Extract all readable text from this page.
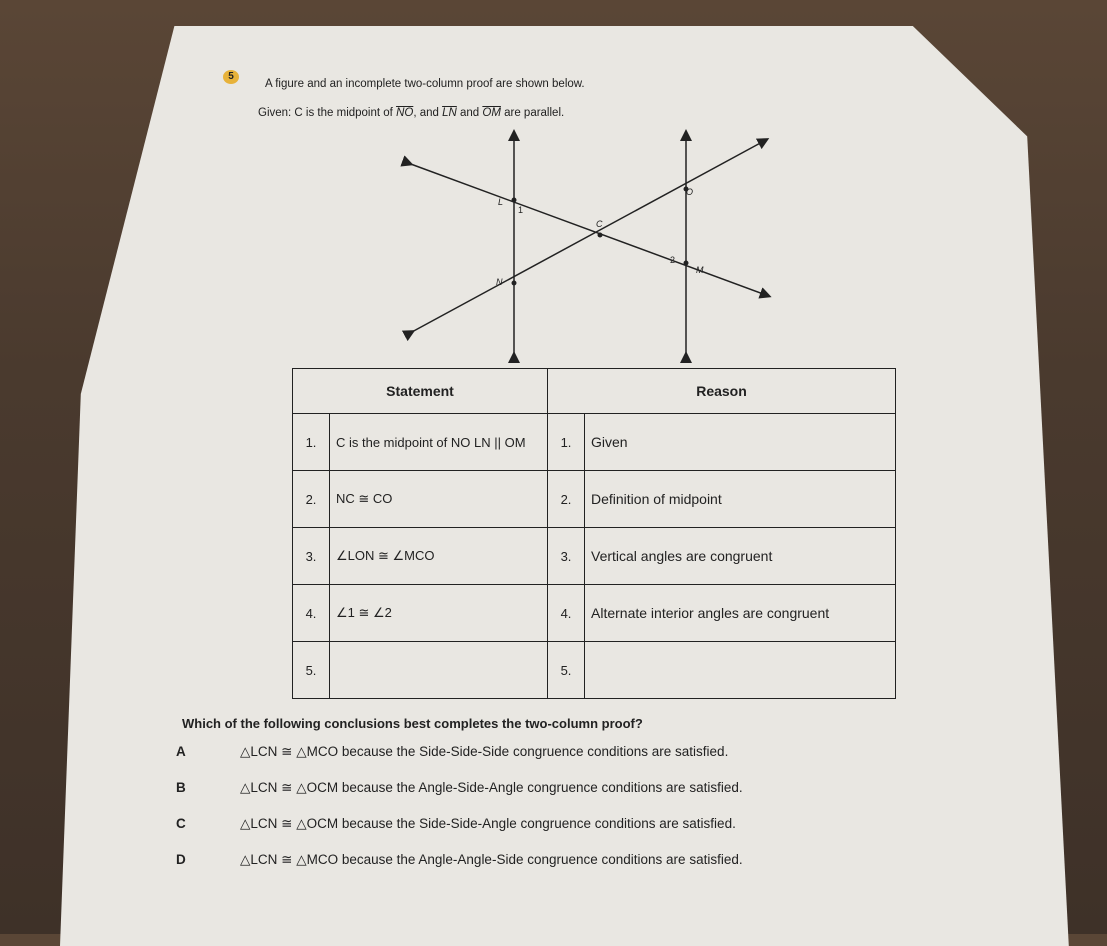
5
A figure and an incomplete two-column proof are shown below.
Given: C is the midpoint of $\overline{NO}$, and $\overline{LN}$ and $\overline{OM}$ are parallel.
L
1
C
O
2
M
N
Statement		Reason	
1.	C is the midpoint of NO LN || OM	1.	Given
2.	NC ≅ CO	2.	Definition of midpoint
3.	∠LON ≅ ∠MCO	3.	Vertical angles are congruent
4.	∠1 ≅ ∠2	4.	Alternate interior angles are congruent
5.		5.	
Which of the following conclusions best completes the two-column proof?
A	△LCN ≅ △MCO because the Side-Side-Side congruence conditions are satisfied.
B	△LCN ≅ △OCM because the Angle-Side-Angle congruence conditions are satisfied.
C	△LCN ≅ △OCM because the Side-Side-Angle congruence conditions are satisfied.
D	△LCN ≅ △MCO because the Angle-Angle-Side congruence conditions are satisfied.
